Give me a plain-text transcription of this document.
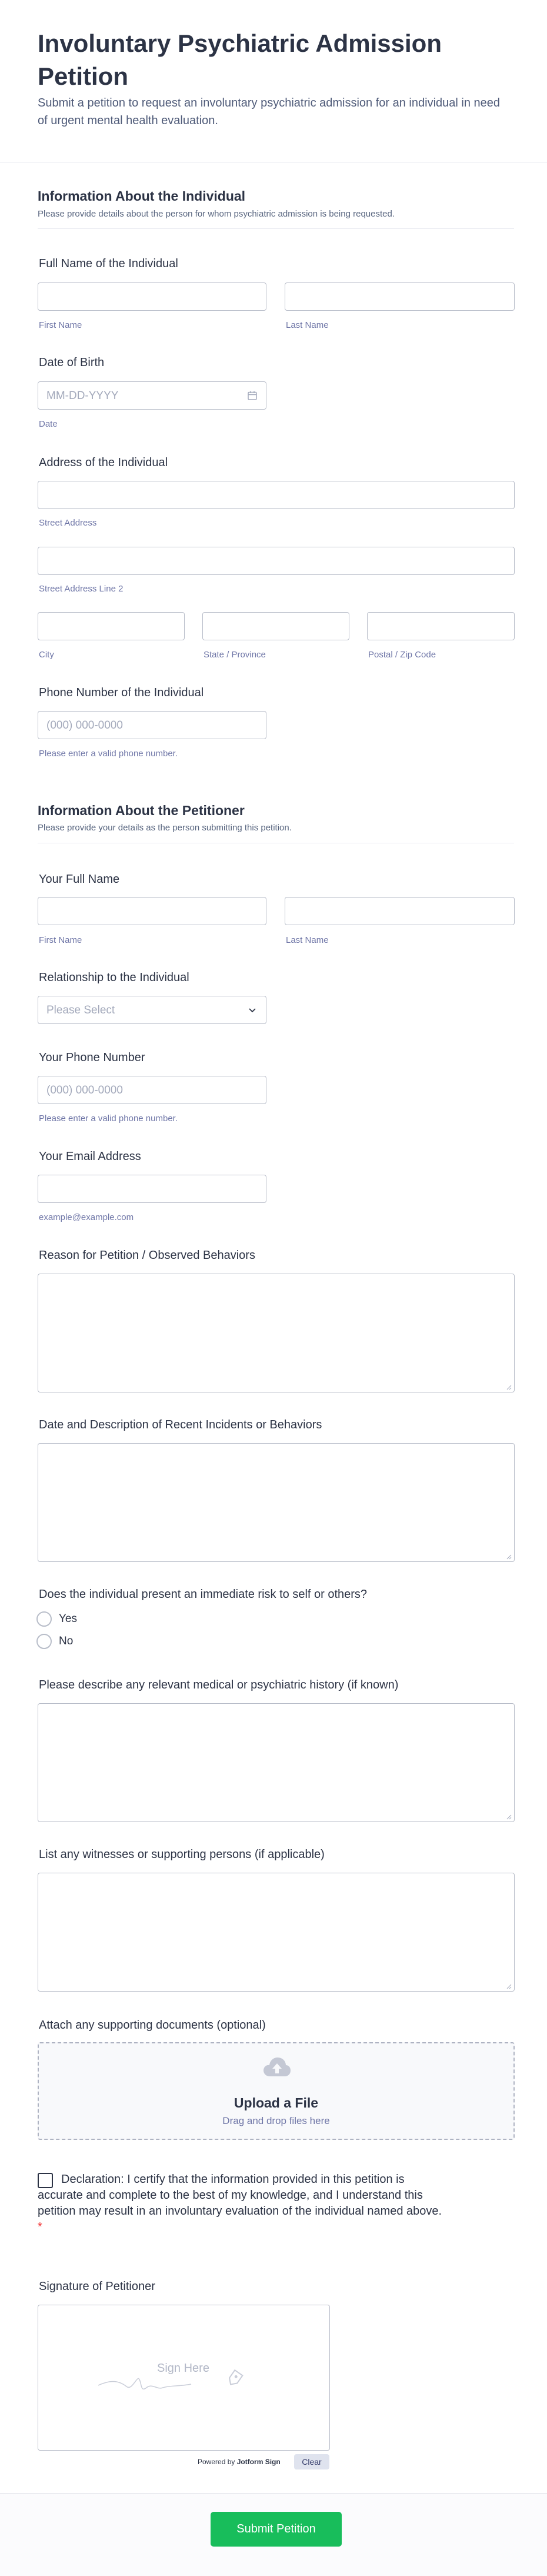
Involuntary Psychiatric Admission Petition
Submit a petition to request an involuntary psychiatric admission for an individual in need of urgent mental health evaluation.
Information About the Individual
Please provide details about the person for whom psychiatric admission is being requested.
Full Name of the Individual
First Name	Last Name
Date of Birth
MM-DD-YYYY
Date
Address of the Individual
Street Address
Street Address Line 2
City	State / Province	Postal / Zip Code
Phone Number of the Individual
(000) 000-0000
Please enter a valid phone number.
Information About the Petitioner
Please provide your details as the person submitting this petition.
Your Full Name
First Name	Last Name
Relationship to the Individual
Please Select
Your Phone Number
(000) 000-0000
Please enter a valid phone number.
Your Email Address
example@example.com
Reason for Petition / Observed Behaviors
Date and Description of Recent Incidents or Behaviors
Does the individual present an immediate risk to self or others?
Yes
No
Please describe any relevant medical or psychiatric history (if known)
List any witnesses or supporting persons (if applicable)
Attach any supporting documents (optional)
Upload a File
Drag and drop files here
Declaration: I certify that the information provided in this petition is accurate and complete to the best of my knowledge, and I understand this petition may result in an involuntary evaluation of the individual named above. *
Signature of Petitioner
Sign Here
Powered by Jotform Sign	Clear
Submit Petition
